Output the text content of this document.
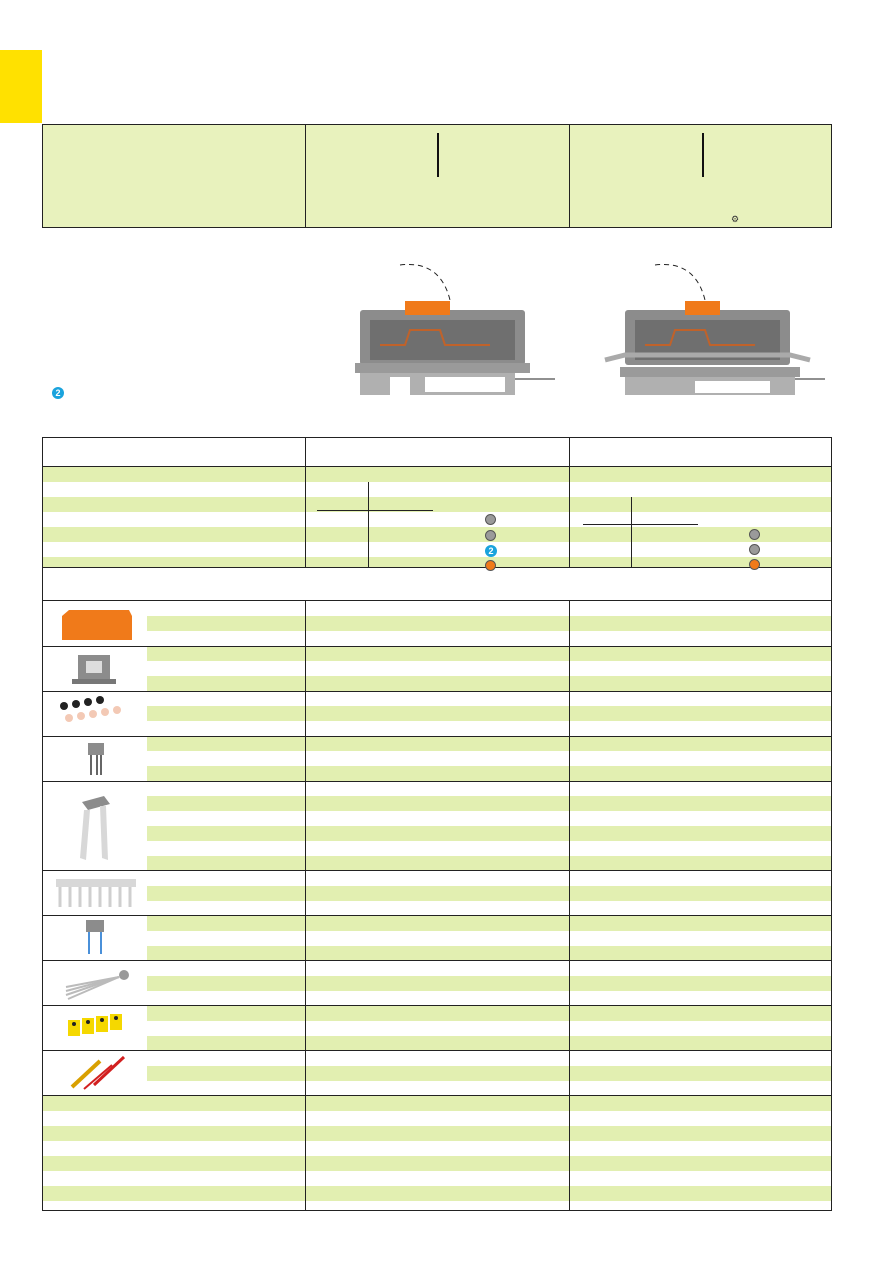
⚙
2
2
